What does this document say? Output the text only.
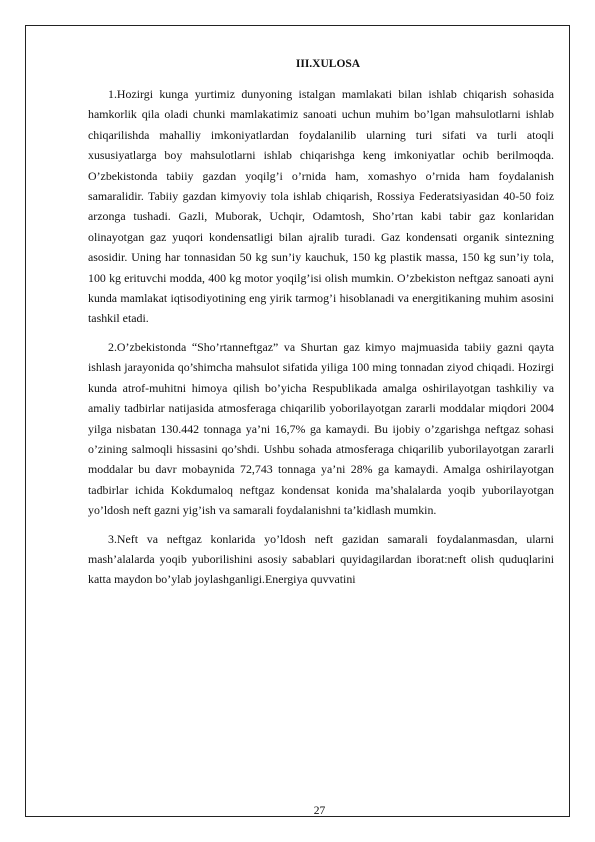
III.XULOSA

1.Hozirgi kunga yurtimiz dunyoning istalgan mamlakati bilan ishlab chiqarish sohasida hamkorlik qila oladi chunki mamlakatimiz sanoati uchun muhim bo’lgan mahsulotlarni ishlab chiqarilishda mahalliy imkoniyatlardan foydalanilib ularning turi sifati va turli atoqli xususiyatlarga boy mahsulotlarni ishlab chiqarishga keng imkoniyatlar ochib berilmoqda. O’zbekistonda tabiiy gazdan yoqilg’i o’rnida ham, xomashyo o’rnida ham foydalanish samaralidir. Tabiiy gazdan kimyoviy tola ishlab chiqarish, Rossiya Federatsiyasidan 40-50 foiz arzonga tushadi. Gazli, Muborak, Uchqir, Odamtosh, Sho’rtan kabi tabir gaz konlaridan olinayotgan gaz yuqori kondensatligi bilan ajralib turadi. Gaz kondensati organik sintezning asosidir. Uning har tonnasidan 50 kg sun’iy kauchuk, 150 kg plastik massa, 150 kg sun’iy tola, 100 kg erituvchi modda, 400 kg motor yoqilg’isi olish mumkin. O’zbekiston neftgaz sanoati ayni kunda mamlakat iqtisodiyotining eng yirik tarmog’i hisoblanadi va energitikaning muhim asosini tashkil etadi.

2.O’zbekistonda “Sho’rtanneftgaz” va Shurtan gaz kimyo majmuasida tabiiy gazni qayta ishlash jarayonida qo’shimcha mahsulot sifatida yiliga 100 ming tonnadan ziyod chiqadi. Hozirgi kunda atrof-muhitni himoya qilish bo’yicha Respublikada amalga oshirilayotgan tashkiliy va amaliy tadbirlar natijasida atmosferaga chiqarilib yoborilayotgan zararli moddalar miqdori 2004 yilga nisbatan 130.442 tonnaga ya’ni 16,7% ga kamaydi. Bu ijobiy o’zgarishga neftgaz sohasi o’zining salmoqli hissasini qo’shdi. Ushbu sohada atmosferaga chiqarilib yuborilayotgan zararli moddalar bu davr mobaynida 72,743 tonnaga ya’ni 28% ga kamaydi. Amalga oshirilayotgan tadbirlar ichida Kokdumaloq neftgaz kondensat konida ma’shalalarda yoqib yuborilayotgan yo’ldosh neft gazni yig’ish va samarali foydalanishni ta’kidlash mumkin.

3.Neft va neftgaz konlarida yo’ldosh neft gazidan samarali foydalanmasdan, ularni mash’alalarda yoqib yuborilishini asosiy sabablari quyidagilardan iborat:neft olish quduqlarini katta maydon bo’ylab joylashganligi.Energiya quvvatini

27
